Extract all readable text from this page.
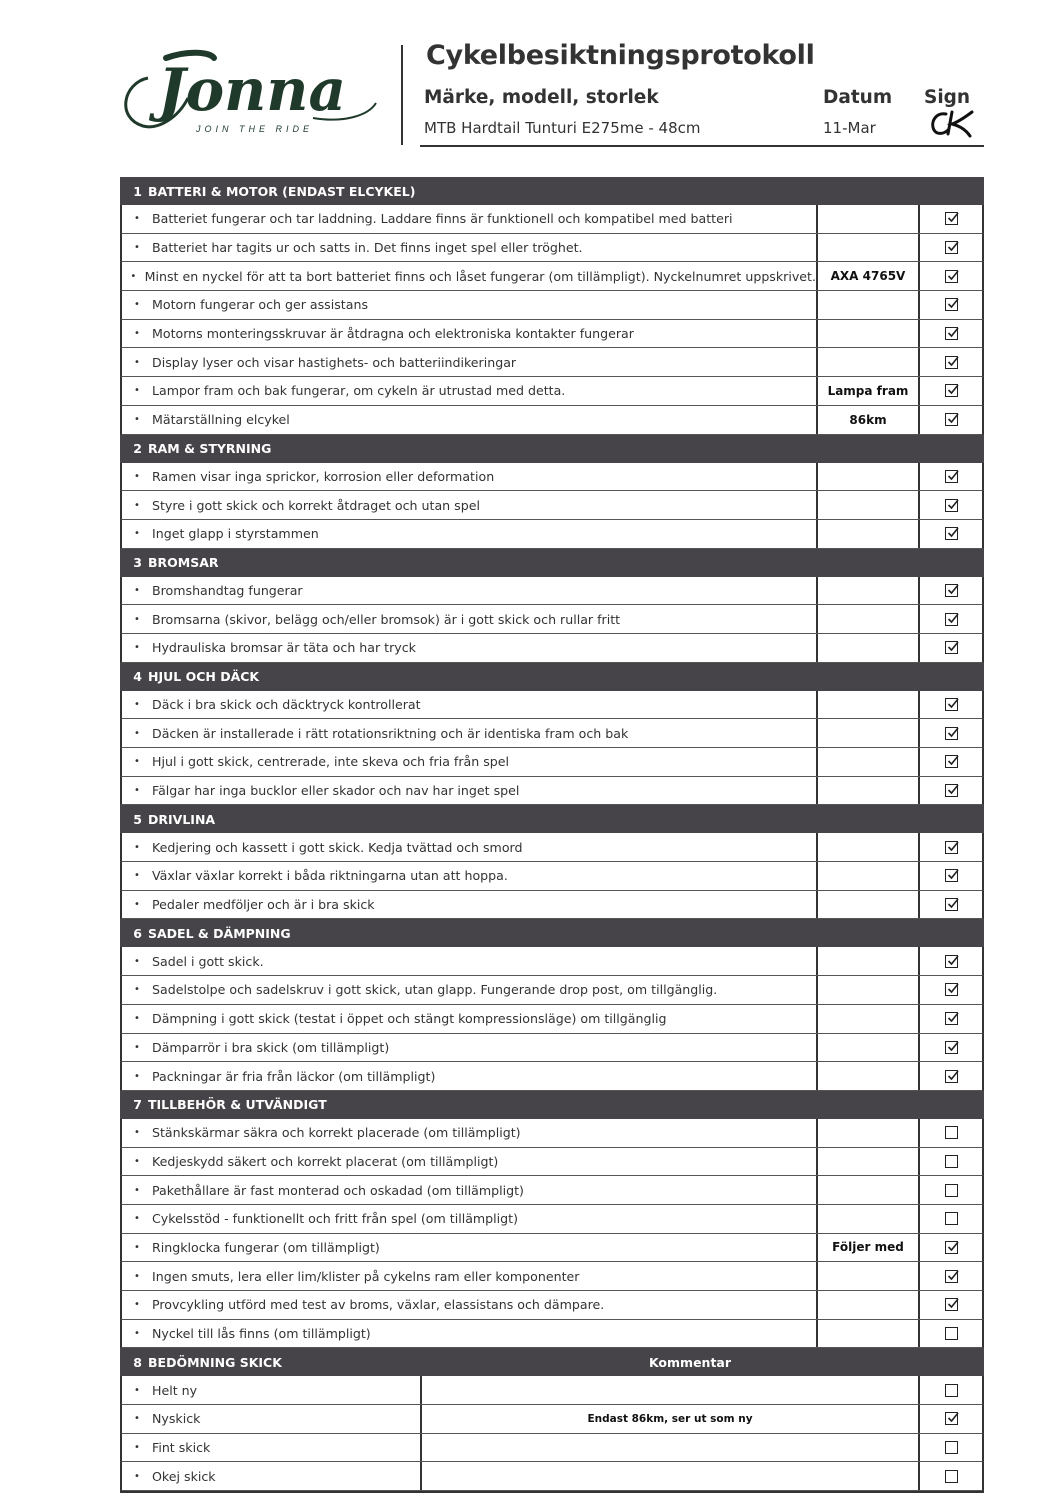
Jonna
JOIN THE RIDE
Cykelbesiktningsprotokoll
Märke, modell, storlek	Datum Sign
MTB Hardtail Tunturi E275me - 48cm	11-Mar
1 BATTERI & MOTOR (ENDAST ELCYKEL)
• Batteriet fungerar och tar laddning. Laddare finns är funktionell och kompatibel med batteri
• Batteriet har tagits ur och satts in. Det finns inget spel eller tröghet.
• Minst en nyckel för att ta bort batteriet finns och låset fungerar (om tillämpligt). Nyckelnumret uppskrivet.	AXA 4765V
• Motorn fungerar och ger assistans
• Motorns monteringsskruvar är åtdragna och elektroniska kontakter fungerar
• Display lyser och visar hastighets- och batteriindikeringar
• Lampor fram och bak fungerar, om cykeln är utrustad med detta.	Lampa fram
• Mätarställning elcykel	86km
2 RAM & STYRNING
• Ramen visar inga sprickor, korrosion eller deformation
• Styre i gott skick och korrekt åtdraget och utan spel
• Inget glapp i styrstammen
3 BROMSAR
• Bromshandtag fungerar
• Bromsarna (skivor, belägg och/eller bromsok) är i gott skick och rullar fritt
• Hydrauliska bromsar är täta och har tryck
4 HJUL OCH DÄCK
• Däck i bra skick och däcktryck kontrollerat
• Däcken är installerade i rätt rotationsriktning och är identiska fram och bak
• Hjul i gott skick, centrerade, inte skeva och fria från spel
• Fälgar har inga bucklor eller skador och nav har inget spel
5 DRIVLINA
• Kedjering och kassett i gott skick. Kedja tvättad och smord
• Växlar växlar korrekt i båda riktningarna utan att hoppa.
• Pedaler medföljer och är i bra skick
6 SADEL & DÄMPNING
• Sadel i gott skick.
• Sadelstolpe och sadelskruv i gott skick, utan glapp. Fungerande drop post, om tillgänglig.
• Dämpning i gott skick (testat i öppet och stängt kompressionsläge) om tillgänglig
• Dämparrör i bra skick (om tillämpligt)
• Packningar är fria från läckor (om tillämpligt)
7 TILLBEHÖR & UTVÄNDIGT
• Stänkskärmar säkra och korrekt placerade (om tillämpligt)
• Kedjeskydd säkert och korrekt placerat (om tillämpligt)
• Pakethållare är fast monterad och oskadad (om tillämpligt)
• Cykelsstöd - funktionellt och fritt från spel (om tillämpligt)
• Ringklocka fungerar (om tillämpligt)	Följer med
• Ingen smuts, lera eller lim/klister på cykelns ram eller komponenter
• Provcykling utförd med test av broms, växlar, elassistans och dämpare.
• Nyckel till lås finns (om tillämpligt)
8 BEDÖMNING SKICK	Kommentar
• Helt ny
• Nyskick	Endast 86km, ser ut som ny
• Fint skick
• Okej skick
